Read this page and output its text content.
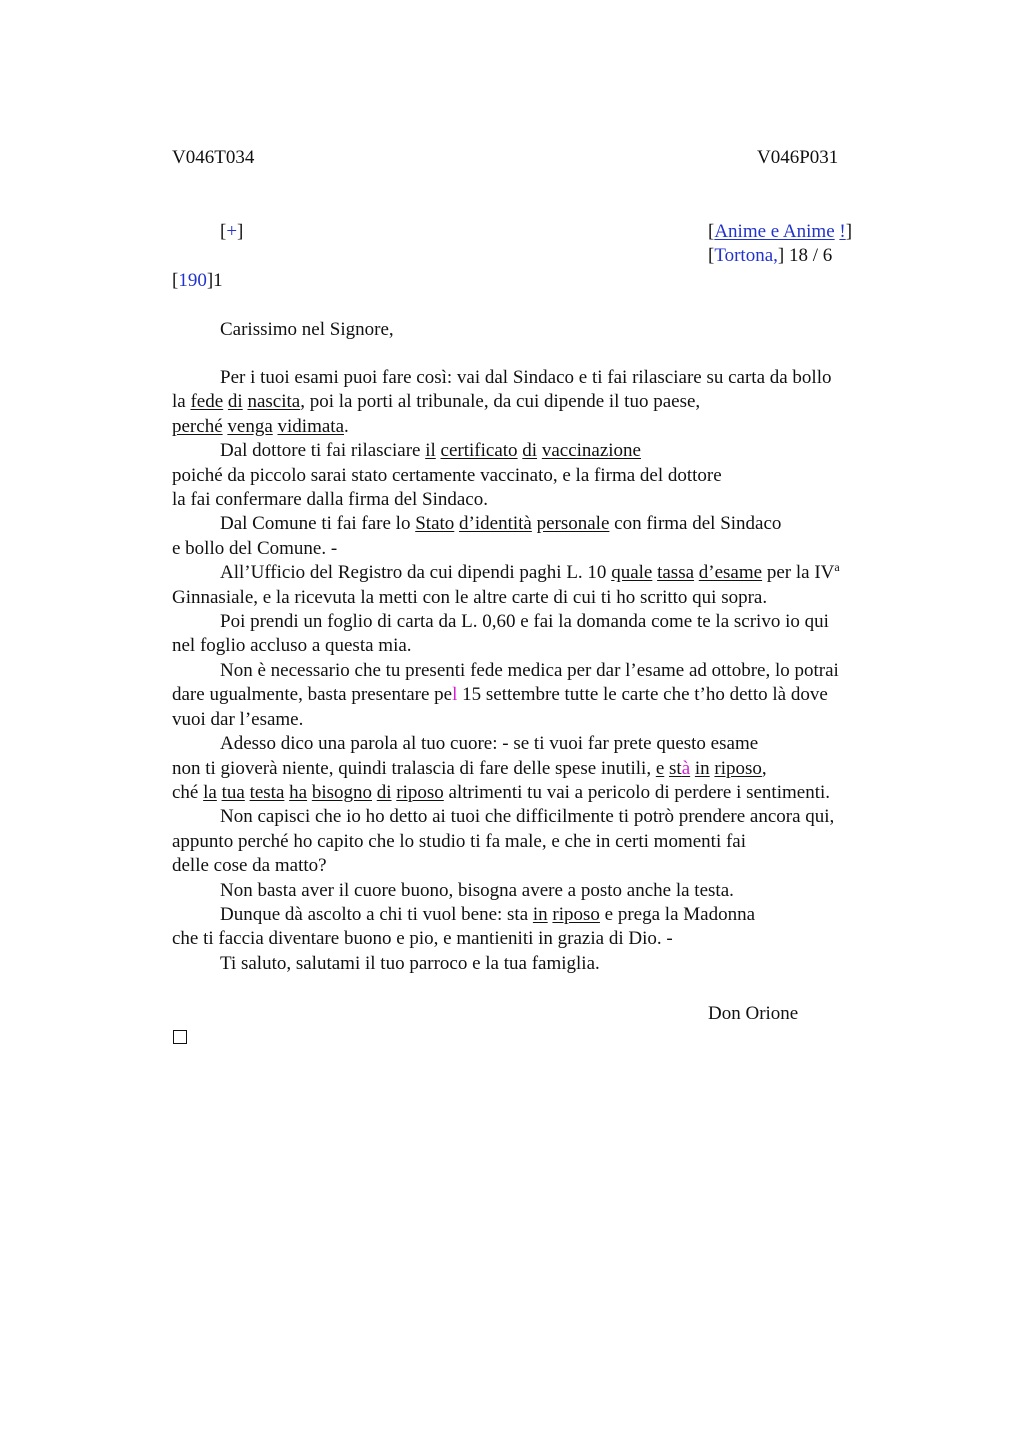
V046T034	V046P031
[+]	[Anime e Anime !]
[Tortona,] 18 / 6
[190]1
Carissimo nel Signore,

Per i tuoi esami puoi fare così: vai dal Sindaco e ti fai rilasciare su carta da bollo

la fede di nascita, poi la porti al tribunale, da cui dipende il tuo paese,

perché venga vidimata.

Dal dottore ti fai rilasciare il certificato di vaccinazione

poiché da piccolo sarai stato certamente vaccinato, e la firma del dottore

la fai confermare dalla firma del Sindaco.

Dal Comune ti fai fare lo Stato d’identità personale con firma del Sindaco

e bollo del Comune. -

All’Ufficio del Registro da cui dipendi paghi L. 10 quale tassa d’esame per la $IV^a$

Ginnasiale, e la ricevuta la metti con le altre carte di cui ti ho scritto qui sopra.

Poi prendi un foglio di carta da L. 0,60 e fai la domanda come te la scrivo io qui

nel foglio accluso a questa mia.

Non è necessario che tu presenti fede medica per dar l’esame ad ottobre, lo potrai

dare ugualmente, basta presentare pel 15 settembre tutte le carte che t’ho detto là dove

vuoi dar l’esame.

Adesso dico una parola al tuo cuore: - se ti vuoi far prete questo esame

non ti gioverà niente, quindi tralascia di fare delle spese inutili, e stà in riposo,

ché la tua testa ha bisogno di riposo altrimenti tu vai a pericolo di perdere i sentimenti.

Non capisci che io ho detto ai tuoi che difficilmente ti potrò prendere ancora qui,

appunto perché ho capito che lo studio ti fa male, e che in certi momenti fai

delle cose da matto?

Non basta aver il cuore buono, bisogna avere a posto anche la testa.

Dunque dà ascolto a chi ti vuol bene: sta in riposo e prega la Madonna

che ti faccia diventare buono e pio, e mantieniti in grazia di Dio. -

Ti saluto, salutami il tuo parroco e la tua famiglia.

Don Orione
